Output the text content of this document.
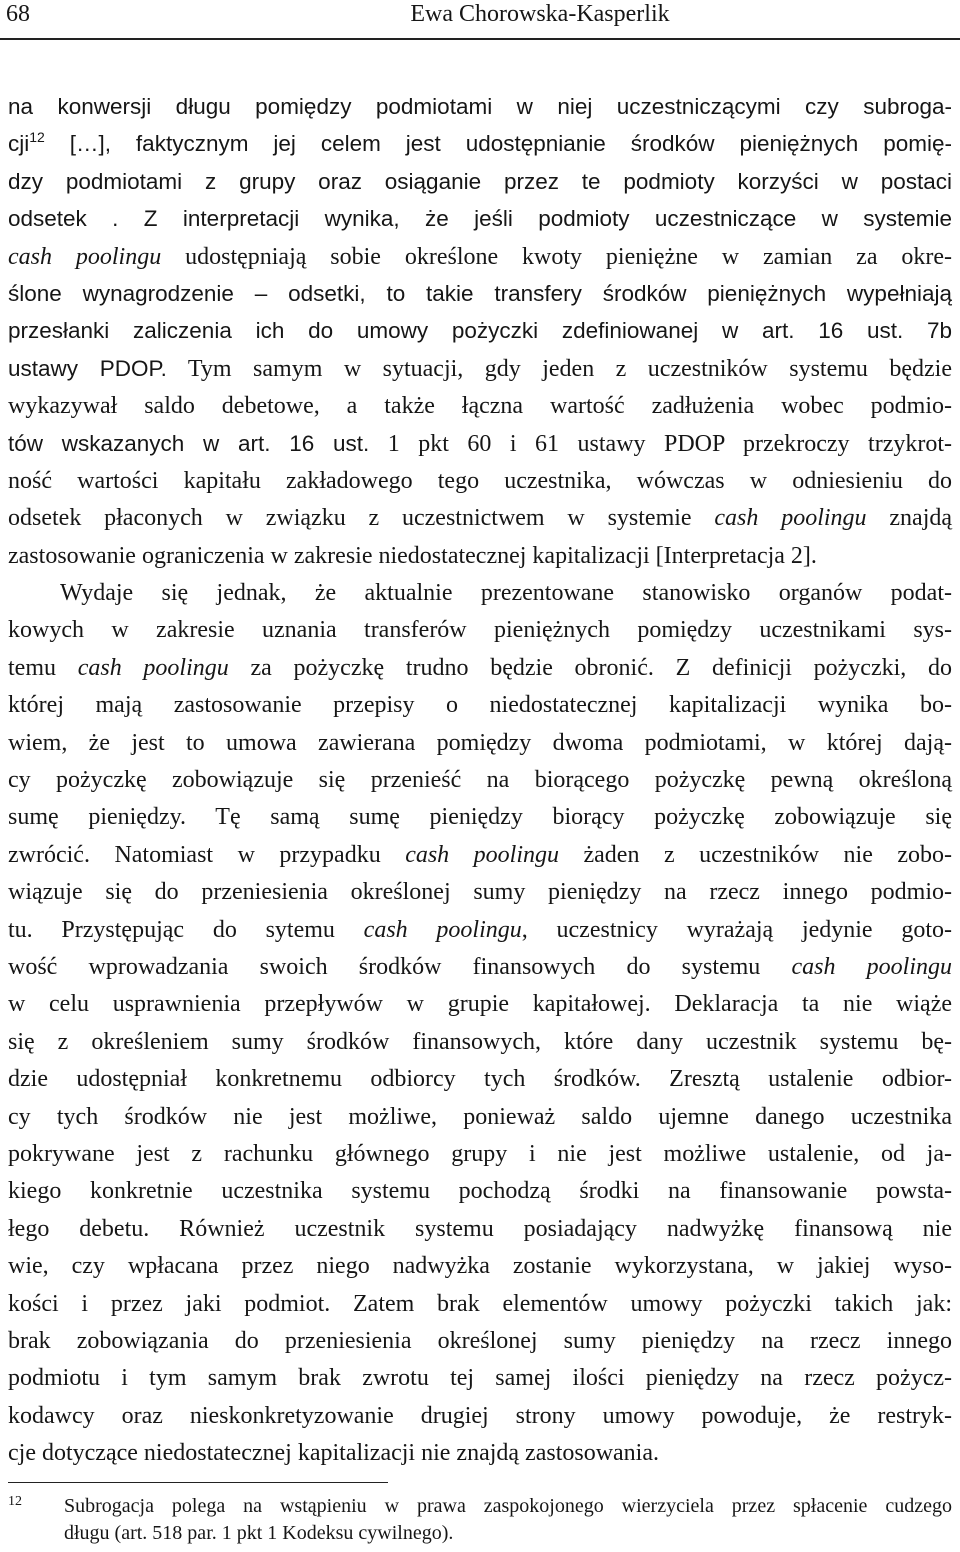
68	Ewa Chorowska-Kasperlik
na konwersji długu pomiędzy podmiotami w niej uczestniczącymi czy subroga-
cji$^{12}$ […], faktycznym jej celem jest udostępnianie środków pieniężnych pomię-
dzy podmiotami z grupy oraz osiąganie przez te podmioty korzyści w postaci
odsetek . Z interpretacji wynika, że jeśli podmioty uczestniczące w systemie
cash poolingu udostępniają sobie określone kwoty pieniężne w zamian za okre-
ślone wynagrodzenie – odsetki, to takie transfery środków pieniężnych wypełniają
przesłanki zaliczenia ich do umowy pożyczki zdefiniowanej w art. 16 ust. 7b
ustawy PDOP. Tym samym w sytuacji, gdy jeden z uczestników systemu będzie
wykazywał saldo debetowe, a także łączna wartość zadłużenia wobec podmio-
tów wskazanych w art. 16 ust. 1 pkt 60 i 61 ustawy PDOP przekroczy trzykrot-
ność wartości kapitału zakładowego tego uczestnika, wówczas w odniesieniu do
odsetek płaconych w związku z uczestnictwem w systemie cash poolingu znajdą
zastosowanie ograniczenia w zakresie niedostatecznej kapitalizacji [Interpretacja 2].
Wydaje się jednak, że aktualnie prezentowane stanowisko organów podat-
kowych w zakresie uznania transferów pieniężnych pomiędzy uczestnikami sys-
temu cash poolingu za pożyczkę trudno będzie obronić. Z definicji pożyczki, do
której mają zastosowanie przepisy o niedostatecznej kapitalizacji wynika bo-
wiem, że jest to umowa zawierana pomiędzy dwoma podmiotami, w której dają-
cy pożyczkę zobowiązuje się przenieść na biorącego pożyczkę pewną określoną
sumę pieniędzy. Tę samą sumę pieniędzy biorący pożyczkę zobowiązuje się
zwrócić. Natomiast w przypadku cash poolingu żaden z uczestników nie zobo-
wiązuje się do przeniesienia określonej sumy pieniędzy na rzecz innego podmio-
tu. Przystępując do sytemu cash poolingu, uczestnicy wyrażają jedynie goto-
wość wprowadzania swoich środków finansowych do systemu cash poolingu
w celu usprawnienia przepływów w grupie kapitałowej. Deklaracja ta nie wiąże
się z określeniem sumy środków finansowych, które dany uczestnik systemu bę-
dzie udostępniał konkretnemu odbiorcy tych środków. Zresztą ustalenie odbior-
cy tych środków nie jest możliwe, ponieważ saldo ujemne danego uczestnika
pokrywane jest z rachunku głównego grupy i nie jest możliwe ustalenie, od ja-
kiego konkretnie uczestnika systemu pochodzą środki na finansowanie powsta-
łego debetu. Również uczestnik systemu posiadający nadwyżkę finansową nie
wie, czy wpłacana przez niego nadwyżka zostanie wykorzystana, w jakiej wyso-
kości i przez jaki podmiot. Zatem brak elementów umowy pożyczki takich jak:
brak zobowiązania do przeniesienia określonej sumy pieniędzy na rzecz innego
podmiotu i tym samym brak zwrotu tej samej ilości pieniędzy na rzecz pożycz-
kodawcy oraz nieskonkretyzowanie drugiej strony umowy powoduje, że restryk-
cje dotyczące niedostatecznej kapitalizacji nie znajdą zastosowania.
12	Subrogacja polega na wstąpieniu w prawa zaspokojonego wierzyciela przez spłacenie cudzego
długu (art. 518 par. 1 pkt 1 Kodeksu cywilnego).
